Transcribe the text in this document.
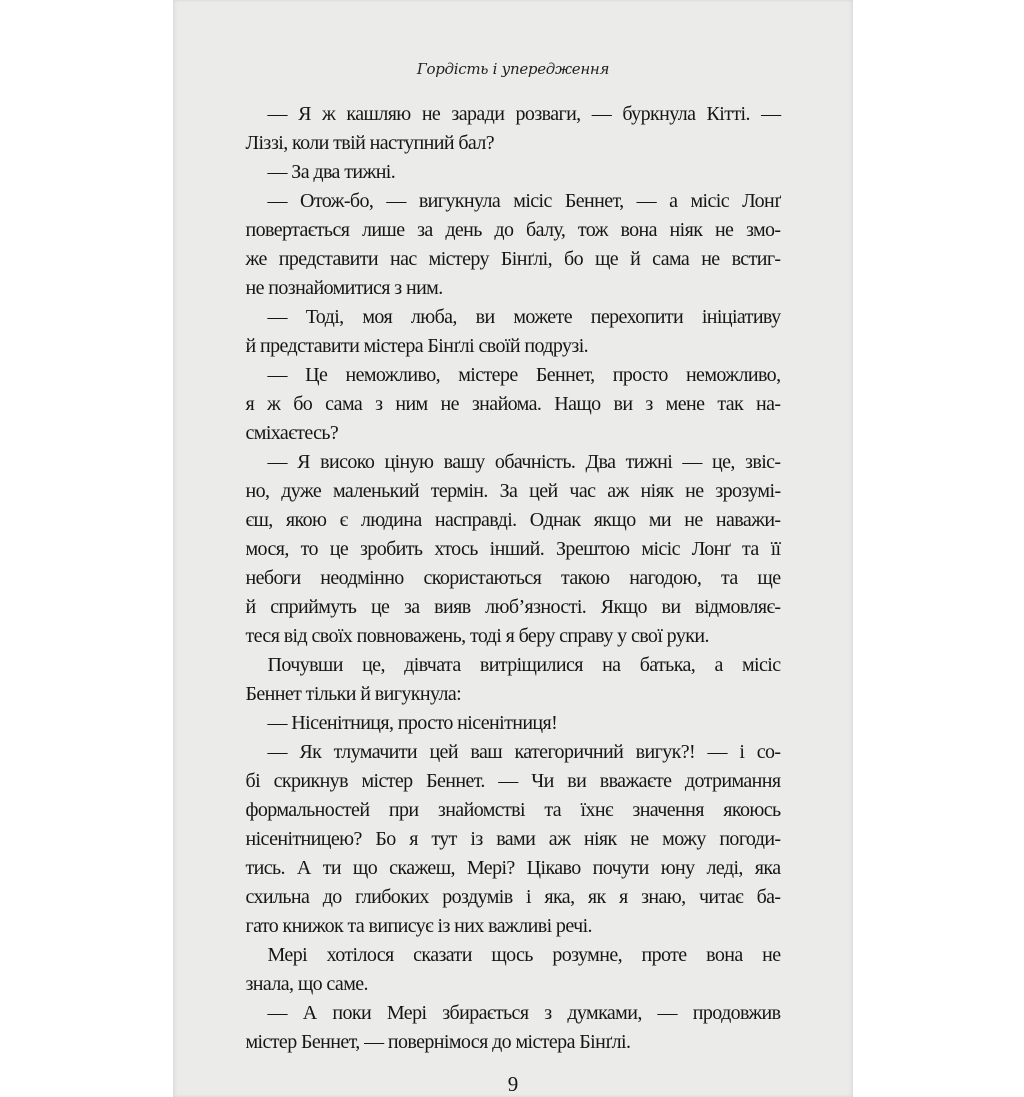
Гордість і упередження
— Я ж кашляю не заради розваги, — буркнула Кітті. —
Ліззі, коли твій наступний бал?
— За два тижні.
— Отож-бо, — вигукнула місіс Беннет, — а місіс Лонґ
повертається лише за день до балу, тож вона ніяк не змо-
же представити нас містеру Бінґлі, бо ще й сама не встиг-
не познайомитися з ним.
— Тоді, моя люба, ви можете перехопити ініціативу
й представити містера Бінґлі своїй подрузі.
— Це неможливо, містере Беннет, просто неможливо,
я ж бо сама з ним не знайома. Нащо ви з мене так на-
сміхаєтесь?
— Я високо ціную вашу обачність. Два тижні — це, звіс-
но, дуже маленький термін. За цей час аж ніяк не зрозумі-
єш, якою є людина насправді. Однак якщо ми не наважи-
мося, то це зробить хтось інший. Зрештою місіс Лонґ та її
небоги неодмінно скористаються такою нагодою, та ще
й сприймуть це за вияв люб’язності. Якщо ви відмовляє-
теся від своїх повноважень, тоді я беру справу у свої руки.
Почувши це, дівчата витріщилися на батька, а місіс
Беннет тільки й вигукнула:
— Нісенітниця, просто нісенітниця!
— Як тлумачити цей ваш категоричний вигук?! — і со-
бі скрикнув містер Беннет. — Чи ви вважаєте дотримання
формальностей при знайомстві та їхнє значення якоюсь
нісенітницею? Бо я тут із вами аж ніяк не можу погоди-
тись. А ти що скажеш, Мері? Цікаво почути юну леді, яка
схильна до глибоких роздумів і яка, як я знаю, читає ба-
гато книжок та виписує із них важливі речі.
Мері хотілося сказати щось розумне, проте вона не
знала, що саме.
— А поки Мері збирається з думками, — продовжив
містер Беннет, — повернімося до містера Бінґлі.
9
